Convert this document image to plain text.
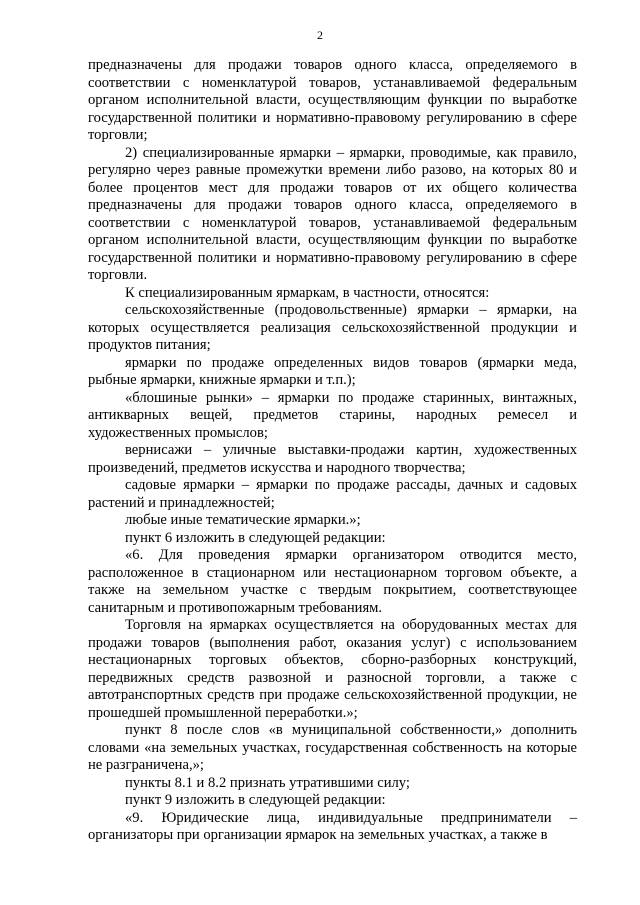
2

предназначены для продажи товаров одного класса, определяемого в соответствии с номенклатурой товаров, устанавливаемой федеральным органом исполнительной власти, осуществляющим функции по выработке государственной политики и нормативно-правовому регулированию в сфере торговли;

2) специализированные ярмарки – ярмарки, проводимые, как правило, регулярно через равные промежутки времени либо разово, на которых 80 и более процентов мест для продажи товаров от их общего количества предназначены для продажи товаров одного класса, определяемого в соответствии с номенклатурой товаров, устанавливаемой федеральным органом исполнительной власти, осуществляющим функции по выработке государственной политики и нормативно-правовому регулированию в сфере торговли.

К специализированным ярмаркам, в частности, относятся:

сельскохозяйственные (продовольственные) ярмарки – ярмарки, на которых осуществляется реализация сельскохозяйственной продукции и продуктов питания;

ярмарки по продаже определенных видов товаров (ярмарки меда, рыбные ярмарки, книжные ярмарки и т.п.);

«блошиные рынки» – ярмарки по продаже старинных, винтажных, антикварных вещей, предметов старины, народных ремесел и художественных промыслов;

вернисажи – уличные выставки-продажи картин, художественных произведений, предметов искусства и народного творчества;

садовые ярмарки – ярмарки по продаже рассады, дачных и садовых растений и принадлежностей;

любые иные тематические ярмарки.»;

пункт 6 изложить в следующей редакции:

«6. Для проведения ярмарки организатором отводится место, расположенное в стационарном или нестационарном торговом объекте, а также на земельном участке с твердым покрытием, соответствующее санитарным и противопожарным требованиям.

Торговля на ярмарках осуществляется на оборудованных местах для продажи товаров (выполнения работ, оказания услуг) с использованием нестационарных торговых объектов, сборно-разборных конструкций, передвижных средств развозной и разносной торговли, а также с автотранспортных средств при продаже сельскохозяйственной продукции, не прошедшей промышленной переработки.»;

пункт 8 после слов «в муниципальной собственности,» дополнить словами «на земельных участках, государственная собственность на которые не разграничена,»;

пункты 8.1 и 8.2 признать утратившими силу;

пункт 9 изложить в следующей редакции:

«9. Юридические лица, индивидуальные предприниматели – организаторы при организации ярмарок на земельных участках, а также в
